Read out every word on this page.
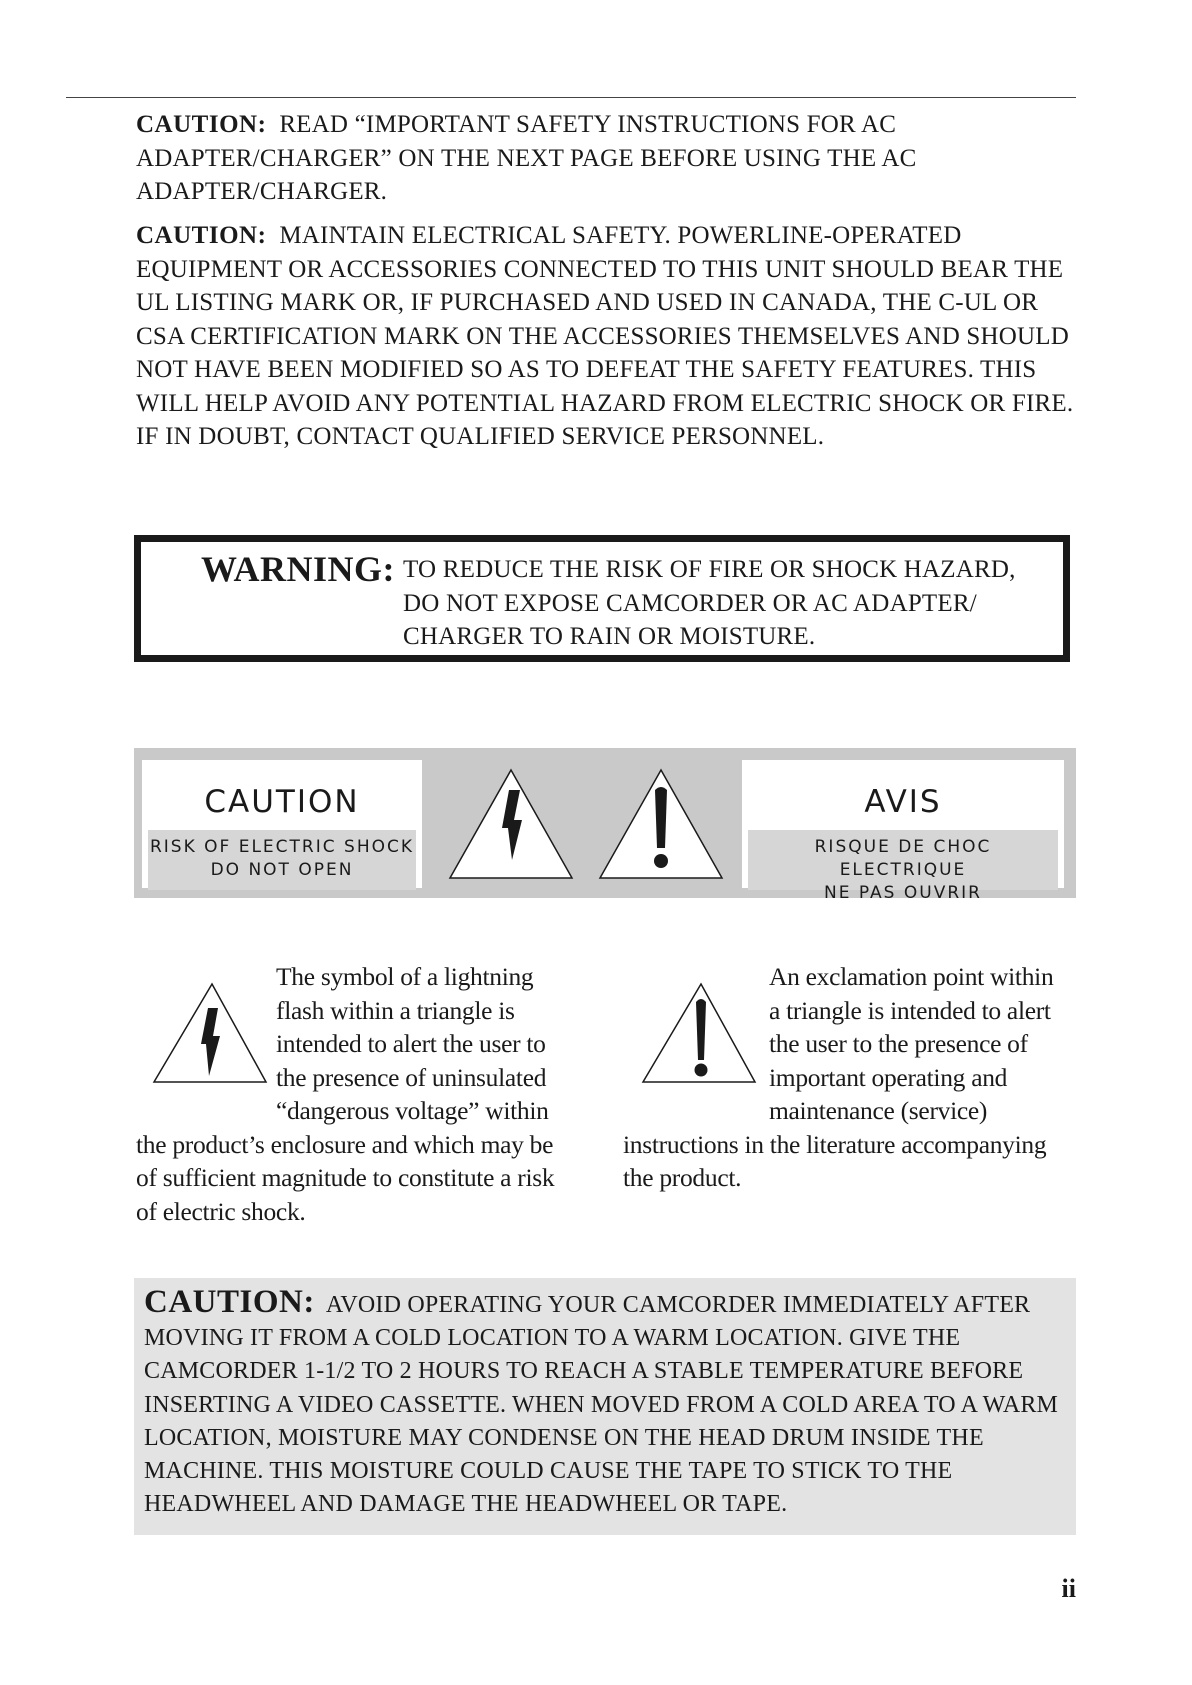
CAUTION: READ “IMPORTANT SAFETY INSTRUCTIONS FOR AC ADAPTER/CHARGER” ON THE NEXT PAGE BEFORE USING THE AC ADAPTER/CHARGER.

CAUTION: MAINTAIN ELECTRICAL SAFETY. POWERLINE-OPERATED EQUIPMENT OR ACCESSORIES CONNECTED TO THIS UNIT SHOULD BEAR THE UL LISTING MARK OR, IF PURCHASED AND USED IN CANADA, THE C-UL OR CSA CERTIFICATION MARK ON THE ACCESSORIES THEMSELVES AND SHOULD NOT HAVE BEEN MODIFIED SO AS TO DEFEAT THE SAFETY FEATURES. THIS WILL HELP AVOID ANY POTENTIAL HAZARD FROM ELECTRIC SHOCK OR FIRE. IF IN DOUBT, CONTACT QUALIFIED SERVICE PERSONNEL.

WARNING: TO REDUCE THE RISK OF FIRE OR SHOCK HAZARD,
DO NOT EXPOSE CAMCORDER OR AC ADAPTER/
CHARGER TO RAIN OR MOISTURE.
CAUTION
RISK OF ELECTRIC SHOCK
DO NOT OPEN
AVIS
RISQUE DE CHOC ELECTRIQUE
NE PAS OUVRIR

The symbol of a lightning flash within a triangle is intended to alert the user to the presence of uninsulated “dangerous voltage” within the product’s enclosure and which may be of sufficient magnitude to constitute a risk of electric shock.

An exclamation point within a triangle is intended to alert the user to the presence of important operating and maintenance (service) instructions in the literature accompanying the product.

CAUTION: AVOID OPERATING YOUR CAMCORDER IMMEDIATELY AFTER MOVING IT FROM A COLD LOCATION TO A WARM LOCATION. GIVE THE CAMCORDER 1-1/2 TO 2 HOURS TO REACH A STABLE TEMPERATURE BEFORE INSERTING A VIDEO CASSETTE. WHEN MOVED FROM A COLD AREA TO A WARM LOCATION, MOISTURE MAY CONDENSE ON THE HEAD DRUM INSIDE THE MACHINE. THIS MOISTURE COULD CAUSE THE TAPE TO STICK TO THE HEADWHEEL AND DAMAGE THE HEADWHEEL OR TAPE.
ii
